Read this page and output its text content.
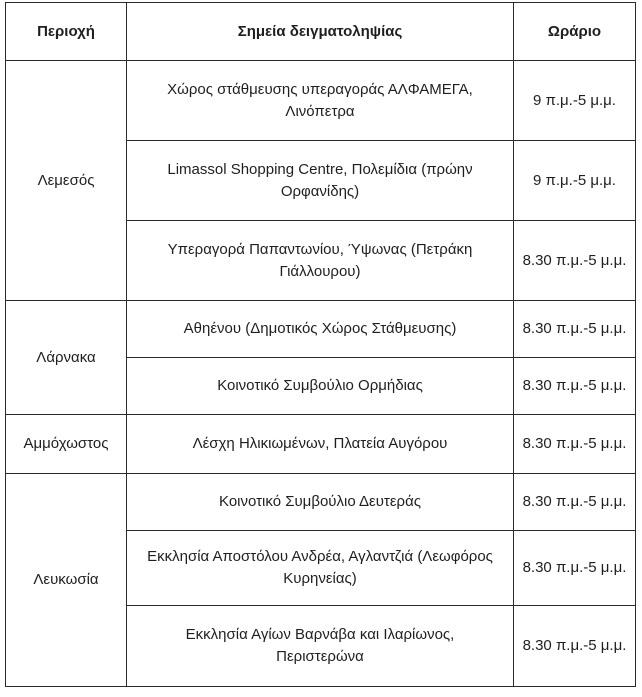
Περιοχή	Σημεία δειγματοληψίας	Ωράριο
Λεμεσός	Χώρος στάθμευσης υπεραγοράς ΑΛΦΑΜΕΓΑ, Λινόπετρα	9 π.μ.-5 μ.μ.
	Limassol Shopping Centre, Πολεμίδια (πρώην Ορφανίδης)	9 π.μ.-5 μ.μ.
	Υπεραγορά Παπαντωνίου, Ύψωνας (Πετράκη Γιάλλουρου)	8.30 π.μ.-5 μ.μ.
Λάρνακα	Αθηένου (Δημοτικός Χώρος Στάθμευσης)	8.30 π.μ.-5 μ.μ.
	Κοινοτικό Συμβούλιο Ορμήδιας	8.30 π.μ.-5 μ.μ.
Αμμόχωστος	Λέσχη Ηλικιωμένων, Πλατεία Αυγόρου	8.30 π.μ.-5 μ.μ.
Λευκωσία	Κοινοτικό Συμβούλιο Δευτεράς	8.30 π.μ.-5 μ.μ.
	Εκκλησία Αποστόλου Ανδρέα, Αγλαντζιά (Λεωφόρος Κυρηνείας)	8.30 π.μ.-5 μ.μ.
	Εκκλησία Αγίων Βαρνάβα και Ιλαρίωνος, Περιστερώνα	8.30 π.μ.-5 μ.μ.
